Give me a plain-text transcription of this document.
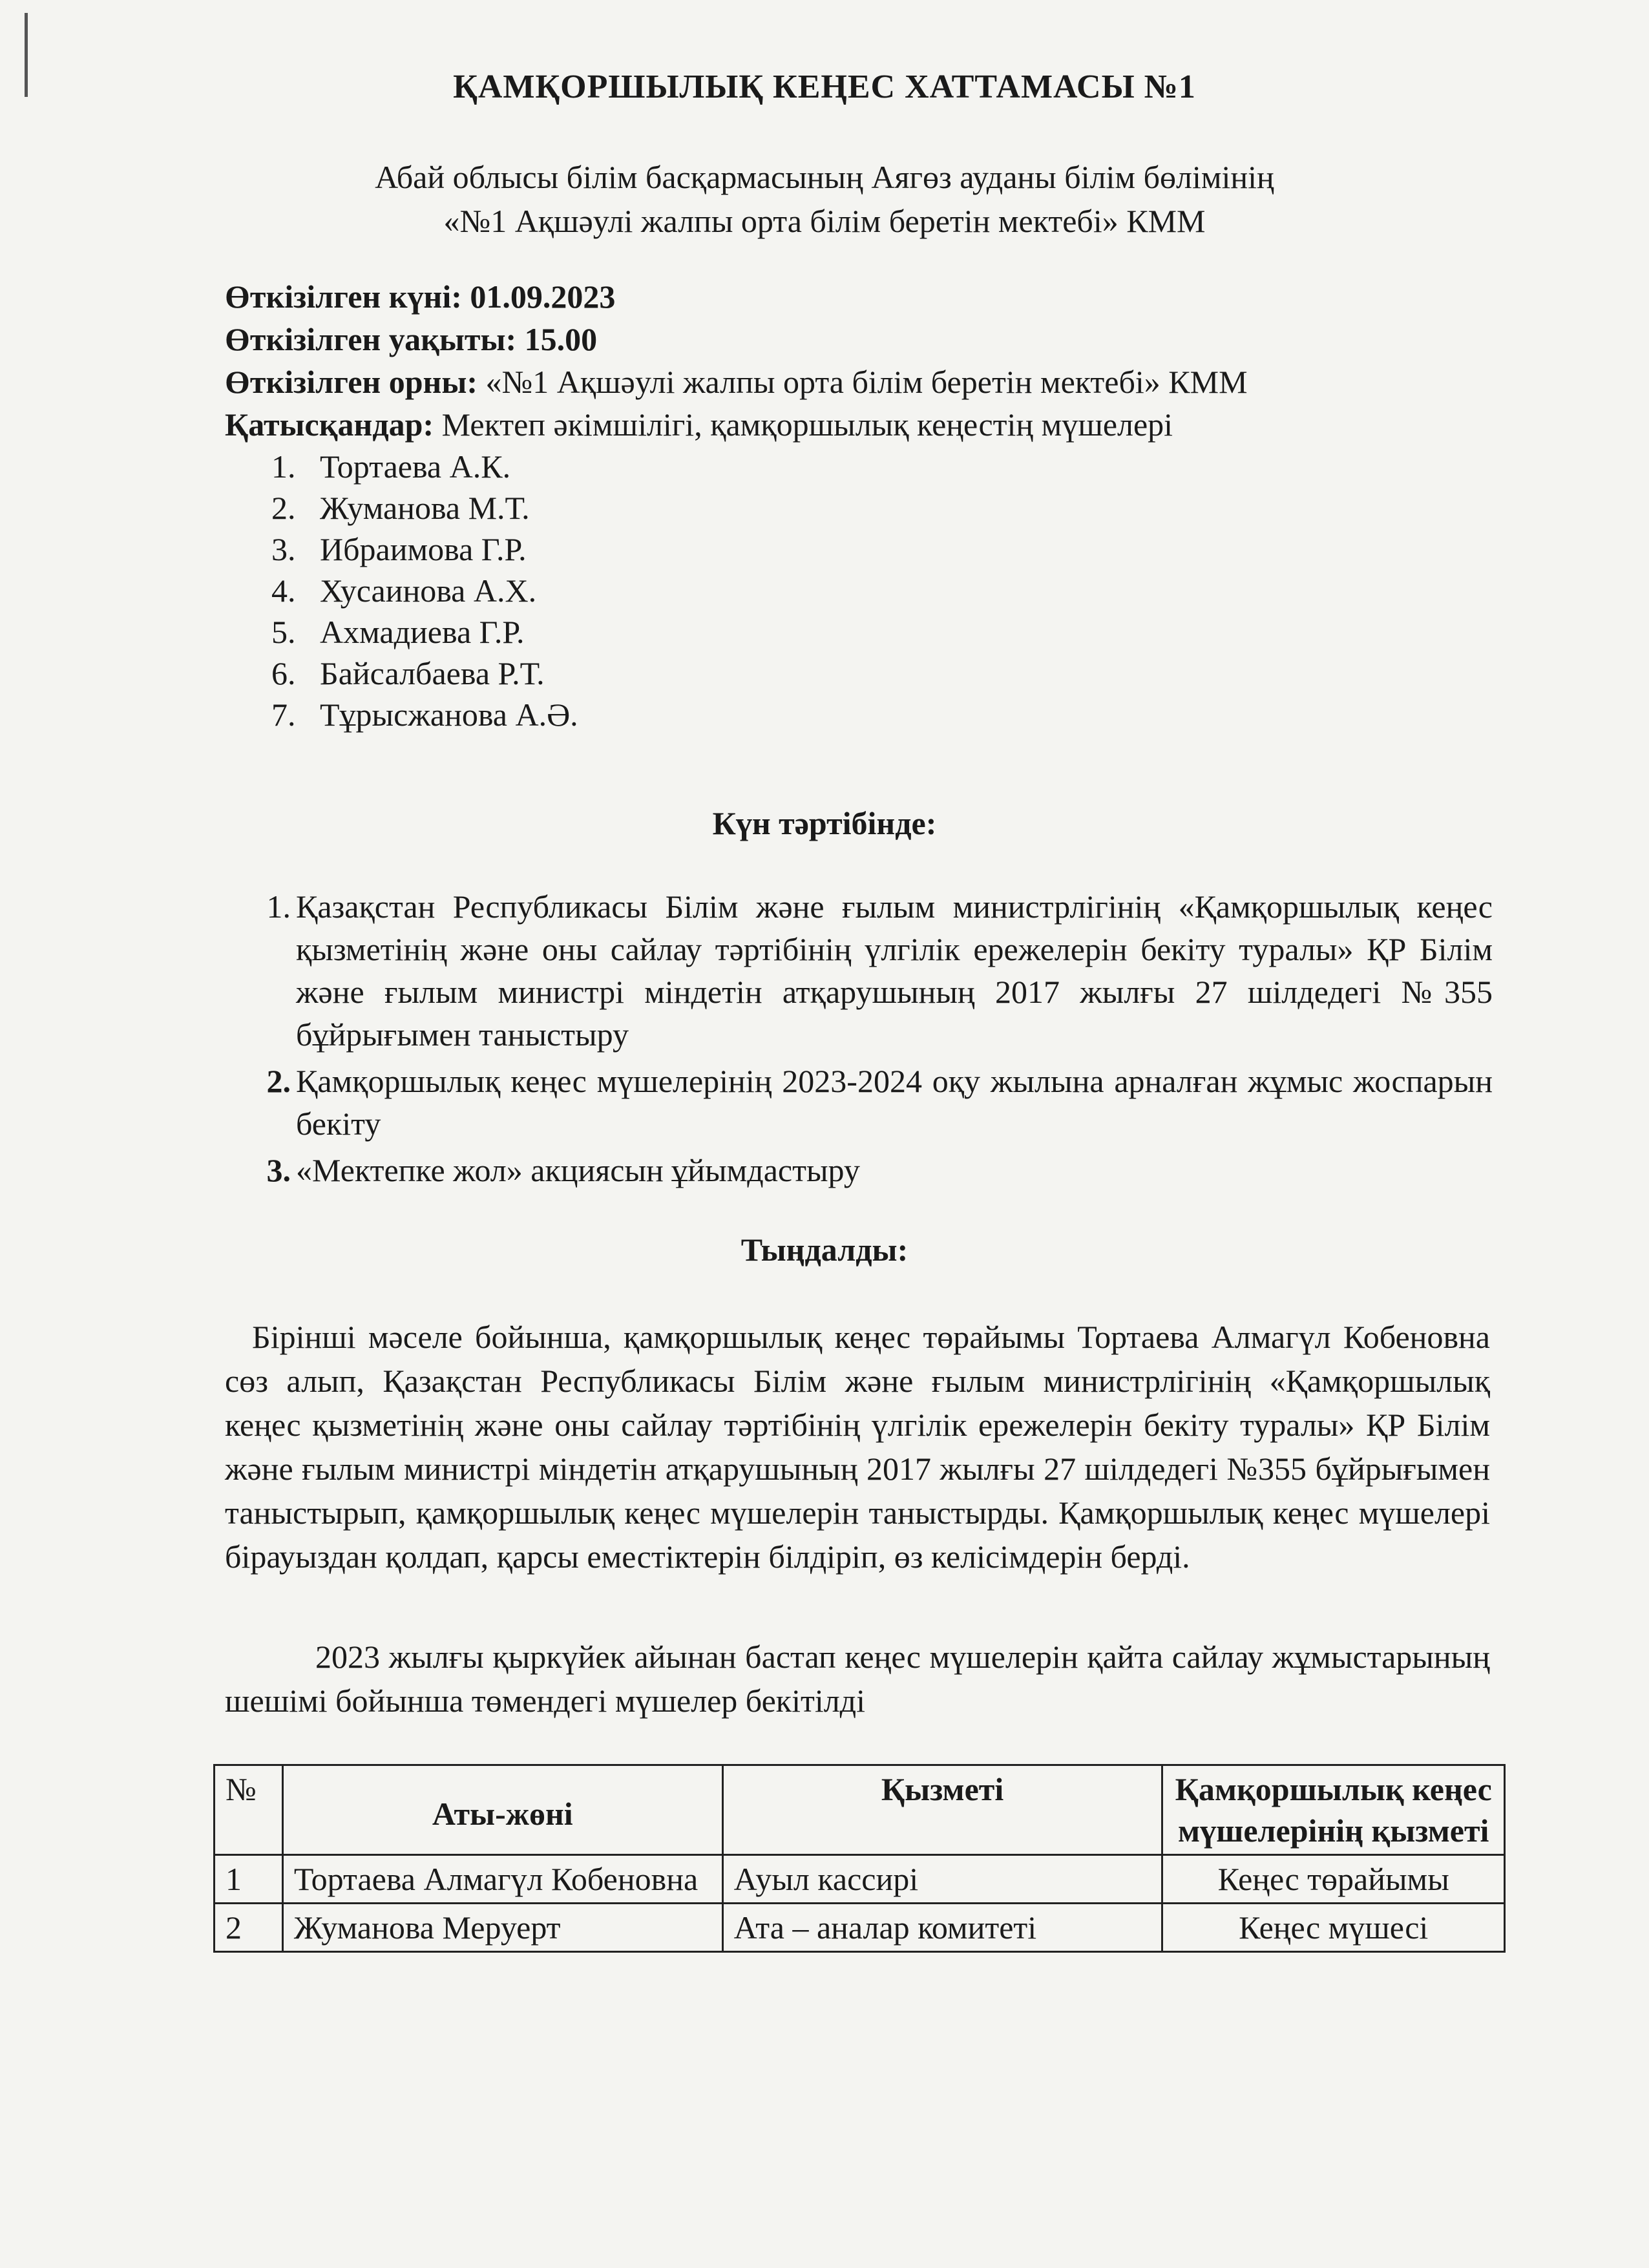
ҚАМҚОРШЫЛЫҚ КЕҢЕС ХАТТАМАСЫ №1
Абай облысы білім басқармасының Аягөз ауданы білім бөлімінің
«№1 Ақшәулі жалпы орта білім беретін мектебі» КММ
Өткізілген күні: 01.09.2023
Өткізілген уақыты: 15.00
Өткізілген орны: «№1 Ақшәулі жалпы орта білім беретін мектебі» КММ
Қатысқандар: Мектеп әкімшілігі, қамқоршылық кеңестің мүшелері
1. Тортаева А.К.
2. Жуманова М.Т.
3. Ибраимова Г.Р.
4. Хусаинова А.Х.
5. Ахмадиева Г.Р.
6. Байсалбаева Р.Т.
7. Тұрысжанова А.Ә.
Күн тәртібінде:
1. Қазақстан Республикасы Білім және ғылым министрлігінің «Қамқоршылық кеңес қызметінің және оны сайлау тәртібінің үлгілік ережелерін бекіту туралы» ҚР Білім және ғылым министрі міндетін атқарушының 2017 жылғы 27 шілдедегі №355 бұйрығымен таныстыру
2. Қамқоршылық кеңес мүшелерінің 2023-2024 оқу жылына арналған жұмыс жоспарын бекіту
3. «Мектепке жол» акциясын ұйымдастыру
Тыңдалды:
Бірінші мәселе бойынша, қамқоршылық кеңес төрайымы Тортаева Алмагүл Кобеновна сөз алып, Қазақстан Республикасы Білім және ғылым министрлігінің «Қамқоршылық кеңес қызметінің және оны сайлау тәртібінің үлгілік ережелерін бекіту туралы» ҚР Білім және ғылым министрі міндетін атқарушының 2017 жылғы 27 шілдедегі №355 бұйрығымен таныстырып, қамқоршылық кеңес мүшелерін таныстырды. Қамқоршылық кеңес мүшелері бірауыздан қолдап, қарсы еместіктерін білдіріп, өз келісімдерін берді.
2023 жылғы қыркүйек айынан бастап кеңес мүшелерін қайта сайлау жұмыстарының шешімі бойынша төмендегі мүшелер бекітілді
№	Аты-жөні	Қызметі	Қамқоршылық кеңес мүшелерінің қызметі
1	Тортаева Алмагүл Кобеновна	Ауыл кассирі	Кеңес төрайымы
2	Жуманова Меруерт	Ата – аналар комитеті	Кеңес мүшесі
